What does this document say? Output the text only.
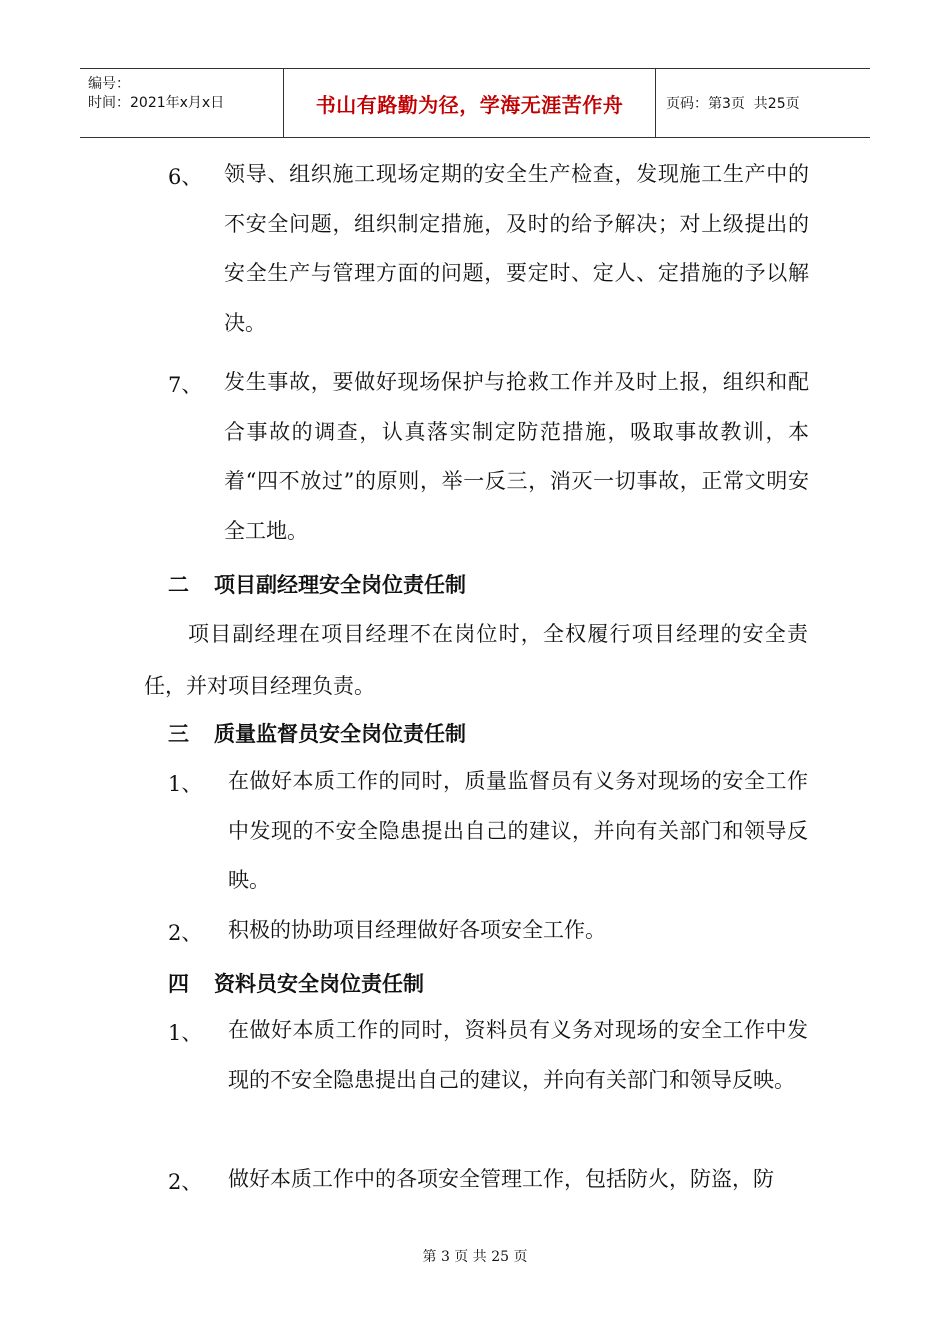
编号：
时间：2021年x月x日	书山有路勤为径，学海无涯苦作舟	页码：第3页  共25页
6、 领导、组织施工现场定期的安全生产检查，发现施工生产中的不安全问题，组织制定措施，及时的给予解决；对上级提出的安全生产与管理方面的问题，要定时、定人、定措施的予以解决。
7、 发生事故，要做好现场保护与抢救工作并及时上报，组织和配合事故的调查，认真落实制定防范措施，吸取事故教训，本着“四不放过”的原则，举一反三，消灭一切事故，正常文明安全工地。
二 项目副经理安全岗位责任制
项目副经理在项目经理不在岗位时，全权履行项目经理的安全责任，并对项目经理负责。
三 质量监督员安全岗位责任制
1、 在做好本质工作的同时，质量监督员有义务对现场的安全工作中发现的不安全隐患提出自己的建议，并向有关部门和领导反映。
2、 积极的协助项目经理做好各项安全工作。
四 资料员安全岗位责任制
1、 在做好本质工作的同时，资料员有义务对现场的安全工作中发现的不安全隐患提出自己的建议，并向有关部门和领导反映。
2、 做好本质工作中的各项安全管理工作，包括防火，防盗，防
第 3 页 共 25 页
